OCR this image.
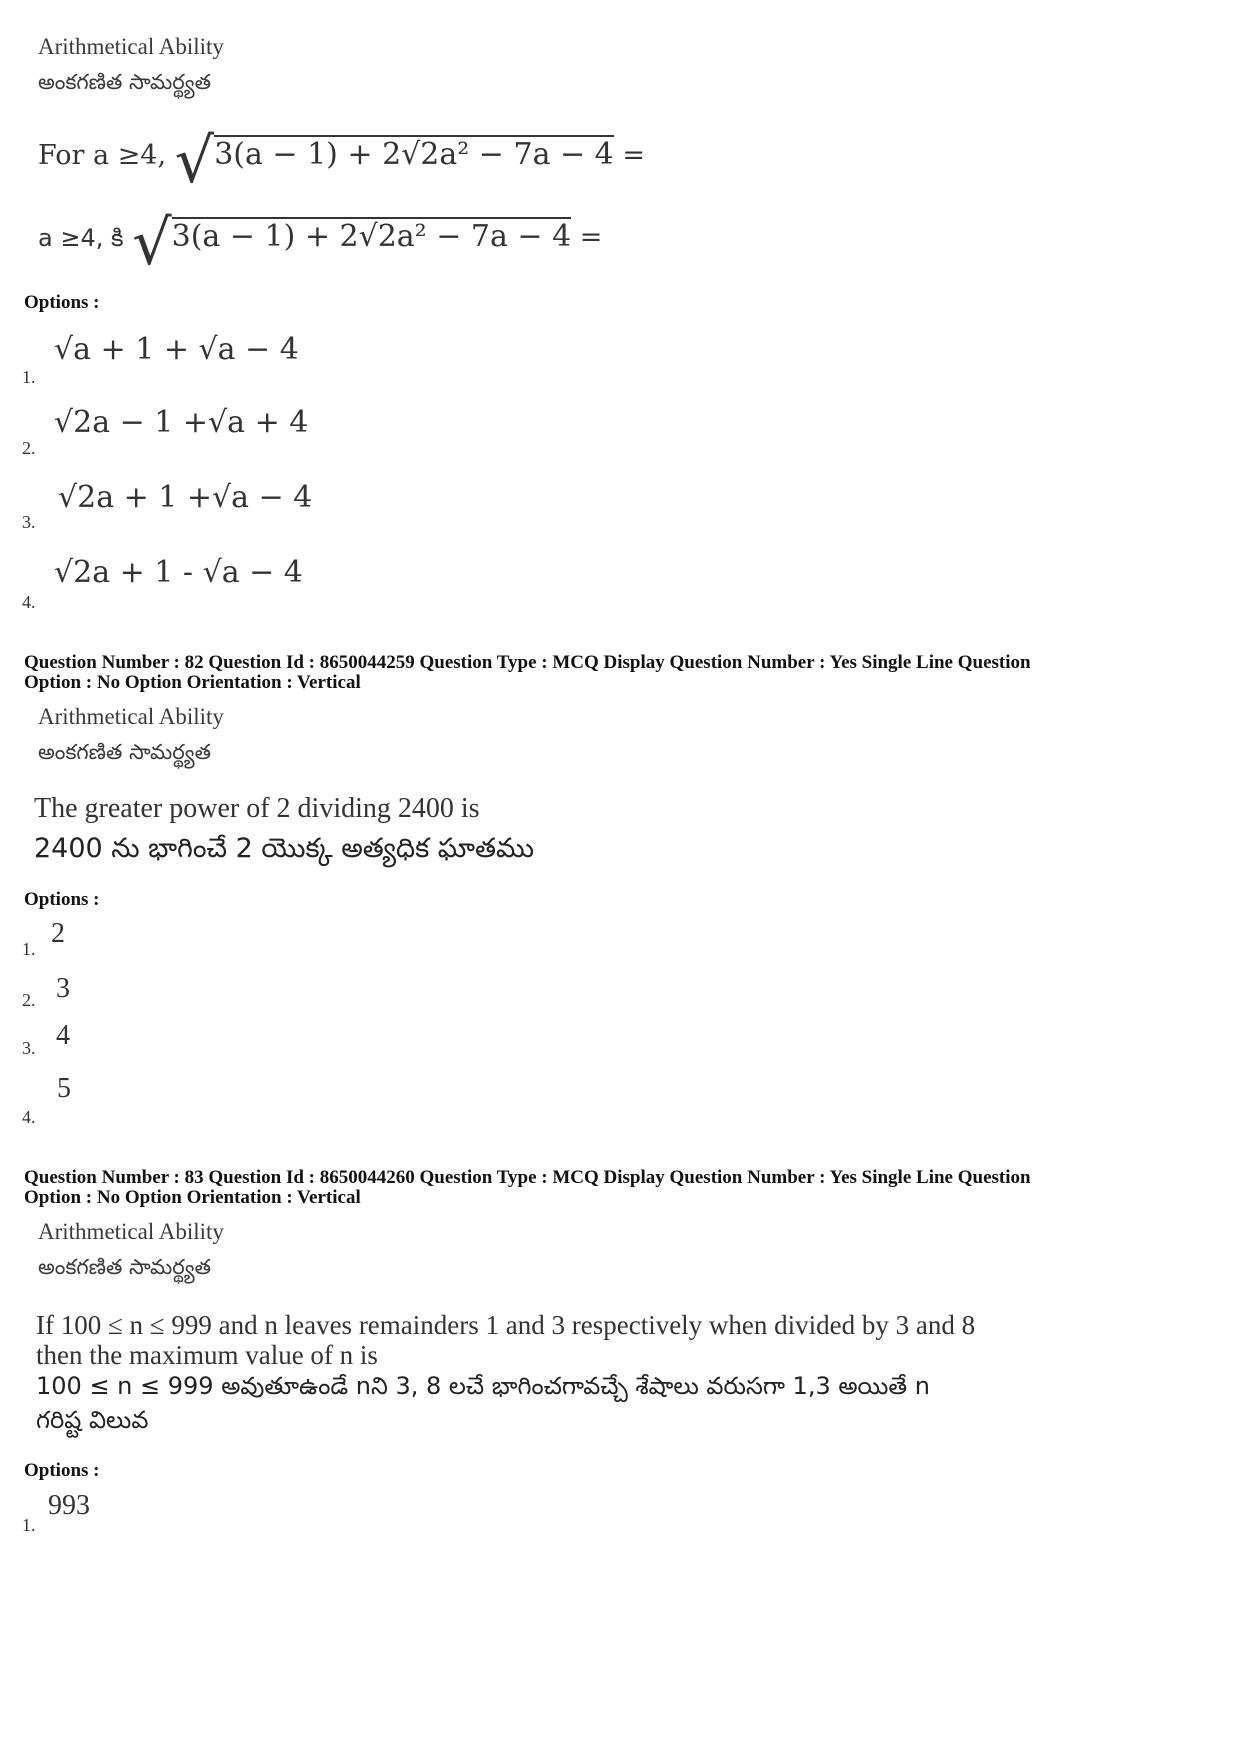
Arithmetical Ability
అంకగణిత సామర్థ్యత
For a ≥4, √3(a − 1) + 2√2a² − 7a − 4 =
a ≥4, కి √3(a − 1) + 2√2a² − 7a − 4 =
Options :
1.
√a + 1 + √a − 4
2.
√2a − 1 +√a + 4
3.
√2a + 1 +√a − 4
4.
√2a + 1 - √a − 4
Question Number : 82 Question Id : 8650044259 Question Type : MCQ Display Question Number : Yes Single Line Question
Option : No Option Orientation : Vertical
Arithmetical Ability
అంకగణిత సామర్థ్యత
The greater power of 2 dividing 2400 is
2400 ను భాగించే 2 యొక్క అత్యధిక ఘాతము
Options :
1. 2
2. 3
3. 4
4.
5
Question Number : 83 Question Id : 8650044260 Question Type : MCQ Display Question Number : Yes Single Line Question
Option : No Option Orientation : Vertical
Arithmetical Ability
అంకగణిత సామర్థ్యత
If 100 ≤ n ≤ 999 and n leaves remainders 1 and 3 respectively when divided by 3 and 8
then the maximum value of n is
100 ≤ n ≤ 999 అవుతూఉండే nని 3, 8 లచే భాగించగావచ్చే శేషాలు వరుసగా 1,3 అయితే n
గరిష్ట విలువ
Options :
1.
993
